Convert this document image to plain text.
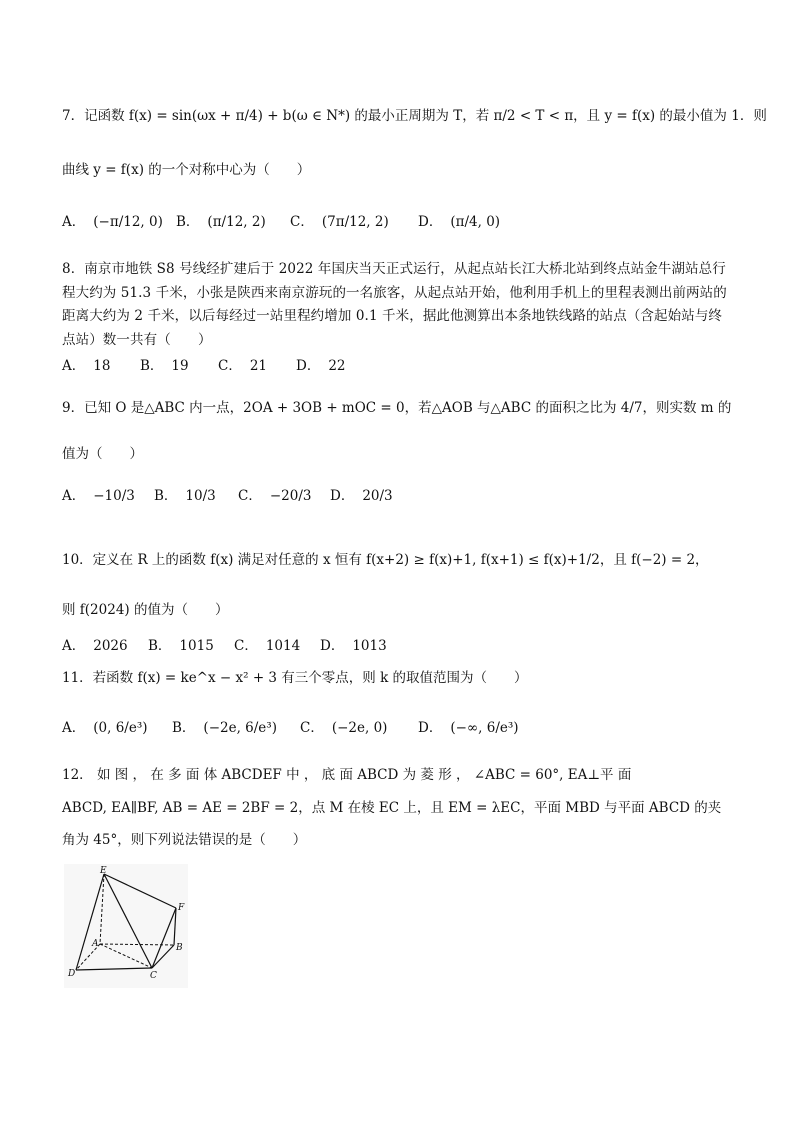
7．记函数 f(x) = sin(ωx + π/4) + b(ω ∈ N*) 的最小正周期为 T，若 π/2 < T < π，且 y = f(x) 的最小值为 1．则
曲线 y = f(x) 的一个对称中心为（　　）
A． (−π/12, 0) B． (π/12, 2) C． (7π/12, 2) D． (π/4, 0)
8．南京市地铁 S8 号线经扩建后于 2022 年国庆当天正式运行，从起点站长江大桥北站到终点站金牛湖站总行程大约为 51.3 千米，小张是陕西来南京游玩的一名旅客，从起点站开始，他利用手机上的里程表测出前两站的距离大约为 2 千米，以后每经过一站里程约增加 0.1 千米，据此他测算出本条地铁线路的站点（含起始站与终点站）数一共有（　　）
A． 18 B． 19 C． 21 D． 22
9．已知 O 是△ABC 内一点，2OA + 3OB + mOC = 0，若△AOB 与△ABC 的面积之比为 4/7，则实数 m 的
值为（　　）
A． −10/3 B． 10/3 C． −20/3 D． 20/3
10．定义在 R 上的函数 f(x) 满足对任意的 x 恒有 f(x+2) ≥ f(x)+1, f(x+1) ≤ f(x)+1/2，且 f(−2) = 2，
则 f(2024) 的值为（　　）
A． 2026 B． 1015 C． 1014 D． 1013
11．若函数 f(x) = ke^x − x² + 3 有三个零点，则 k 的取值范围为（　　）
A． (0, 6/e³) B． (−2e, 6/e³) C． (−2e, 0) D． (−∞, 6/e³)
12． 如 图 ， 在 多 面 体 ABCDEF 中 ， 底 面 ABCD 为 菱 形 ， ∠ABC = 60°, EA⊥平 面
ABCD, EA∥BF, AB = AE = 2BF = 2，点 M 在棱 EC 上，且 EM = λEC，平面 MBD 与平面 ABCD 的夹
角为 45°，则下列说法错误的是（　　）
E
F
A	B
D	C
